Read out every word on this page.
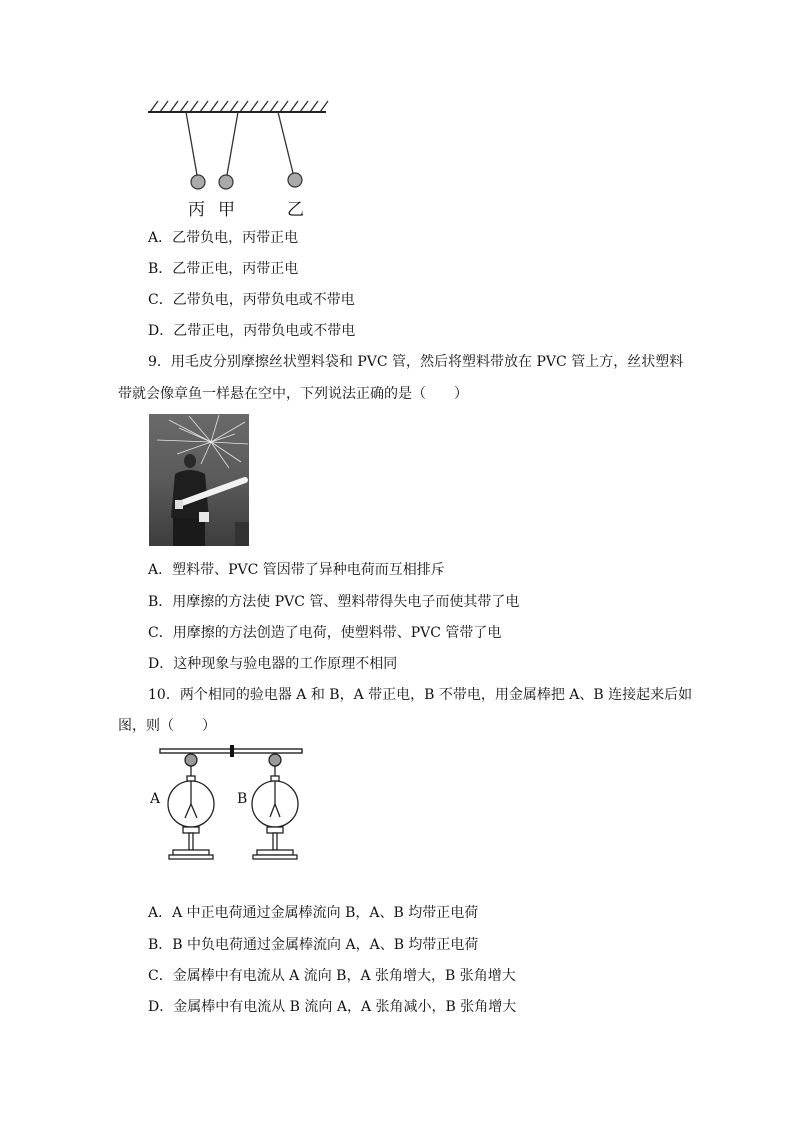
丙 甲	乙
A．乙带负电，丙带正电
B．乙带正电，丙带正电
C．乙带负电，丙带负电或不带电
D．乙带正电，丙带负电或不带电
9．用毛皮分别摩擦丝状塑料袋和 PVC 管，然后将塑料带放在 PVC 管上方，丝状塑料
带就会像章鱼一样悬在空中，下列说法正确的是（　　）
A．塑料带、PVC 管因带了异种电荷而互相排斥
B．用摩擦的方法使 PVC 管、塑料带得失电子而使其带了电
C．用摩擦的方法创造了电荷，使塑料带、PVC 管带了电
D．这种现象与验电器的工作原理不相同
10．两个相同的验电器 A 和 B，A 带正电，B 不带电，用金属棒把 A、B 连接起来后如
图，则（　　）
A	B
A．A 中正电荷通过金属棒流向 B，A、B 均带正电荷
B．B 中负电荷通过金属棒流向 A，A、B 均带正电荷
C．金属棒中有电流从 A 流向 B，A 张角增大，B 张角增大
D．金属棒中有电流从 B 流向 A，A 张角减小，B 张角增大
